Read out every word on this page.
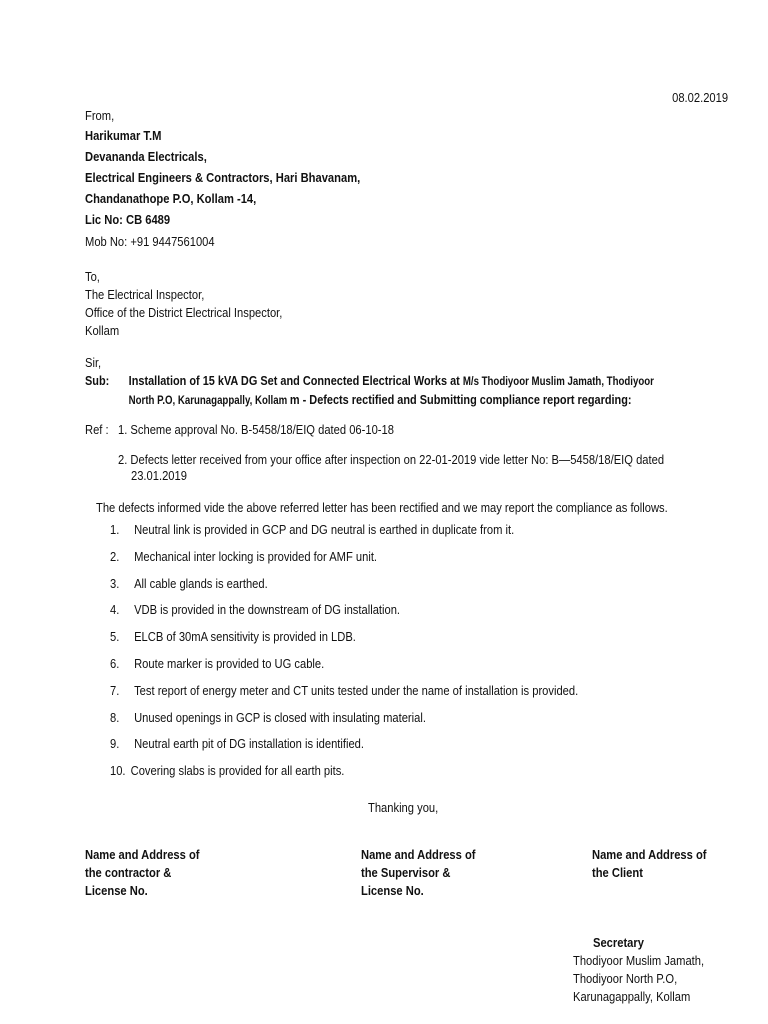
08.02.2019
From,
Harikumar T.M
Devananda Electricals,
Electrical Engineers & Contractors, Hari Bhavanam,
Chandanathope P.O, Kollam -14,
Lic No: CB 6489
Mob No: +91 9447561004
To,
The Electrical Inspector,
Office of the District Electrical Inspector,
Kollam
Sir,
Sub: Installation of 15 kVA DG Set and Connected Electrical Works at M/s Thodiyoor Muslim Jamath, Thodiyoor
North P.O, Karunagappally, Kollam m - Defects rectified and Submitting compliance report regarding:
Ref : 1. Scheme approval No. B-5458/18/EIQ dated 06-10-18
2. Defects letter received from your office after inspection on 22-01-2019 vide letter No: B—5458/18/EIQ dated
23.01.2019
The defects informed vide the above referred letter has been rectified and we may report the compliance as follows.
1. Neutral link is provided in GCP and DG neutral is earthed in duplicate from it.
2. Mechanical inter locking is provided for AMF unit.
3. All cable glands is earthed.
4. VDB is provided in the downstream of DG installation.
5. ELCB of 30mA sensitivity is provided in LDB.
6. Route marker is provided to UG cable.
7. Test report of energy meter and CT units tested under the name of installation is provided.
8. Unused openings in GCP is closed with insulating material.
9. Neutral earth pit of DG installation is identified.
10. Covering slabs is provided for all earth pits.
Thanking you,
Name and Address of
the contractor &
License No.
Name and Address of
the Supervisor &
License No.
Name and Address of
the Client
Secretary
Thodiyoor Muslim Jamath,
Thodiyoor North P.O,
Karunagappally, Kollam
